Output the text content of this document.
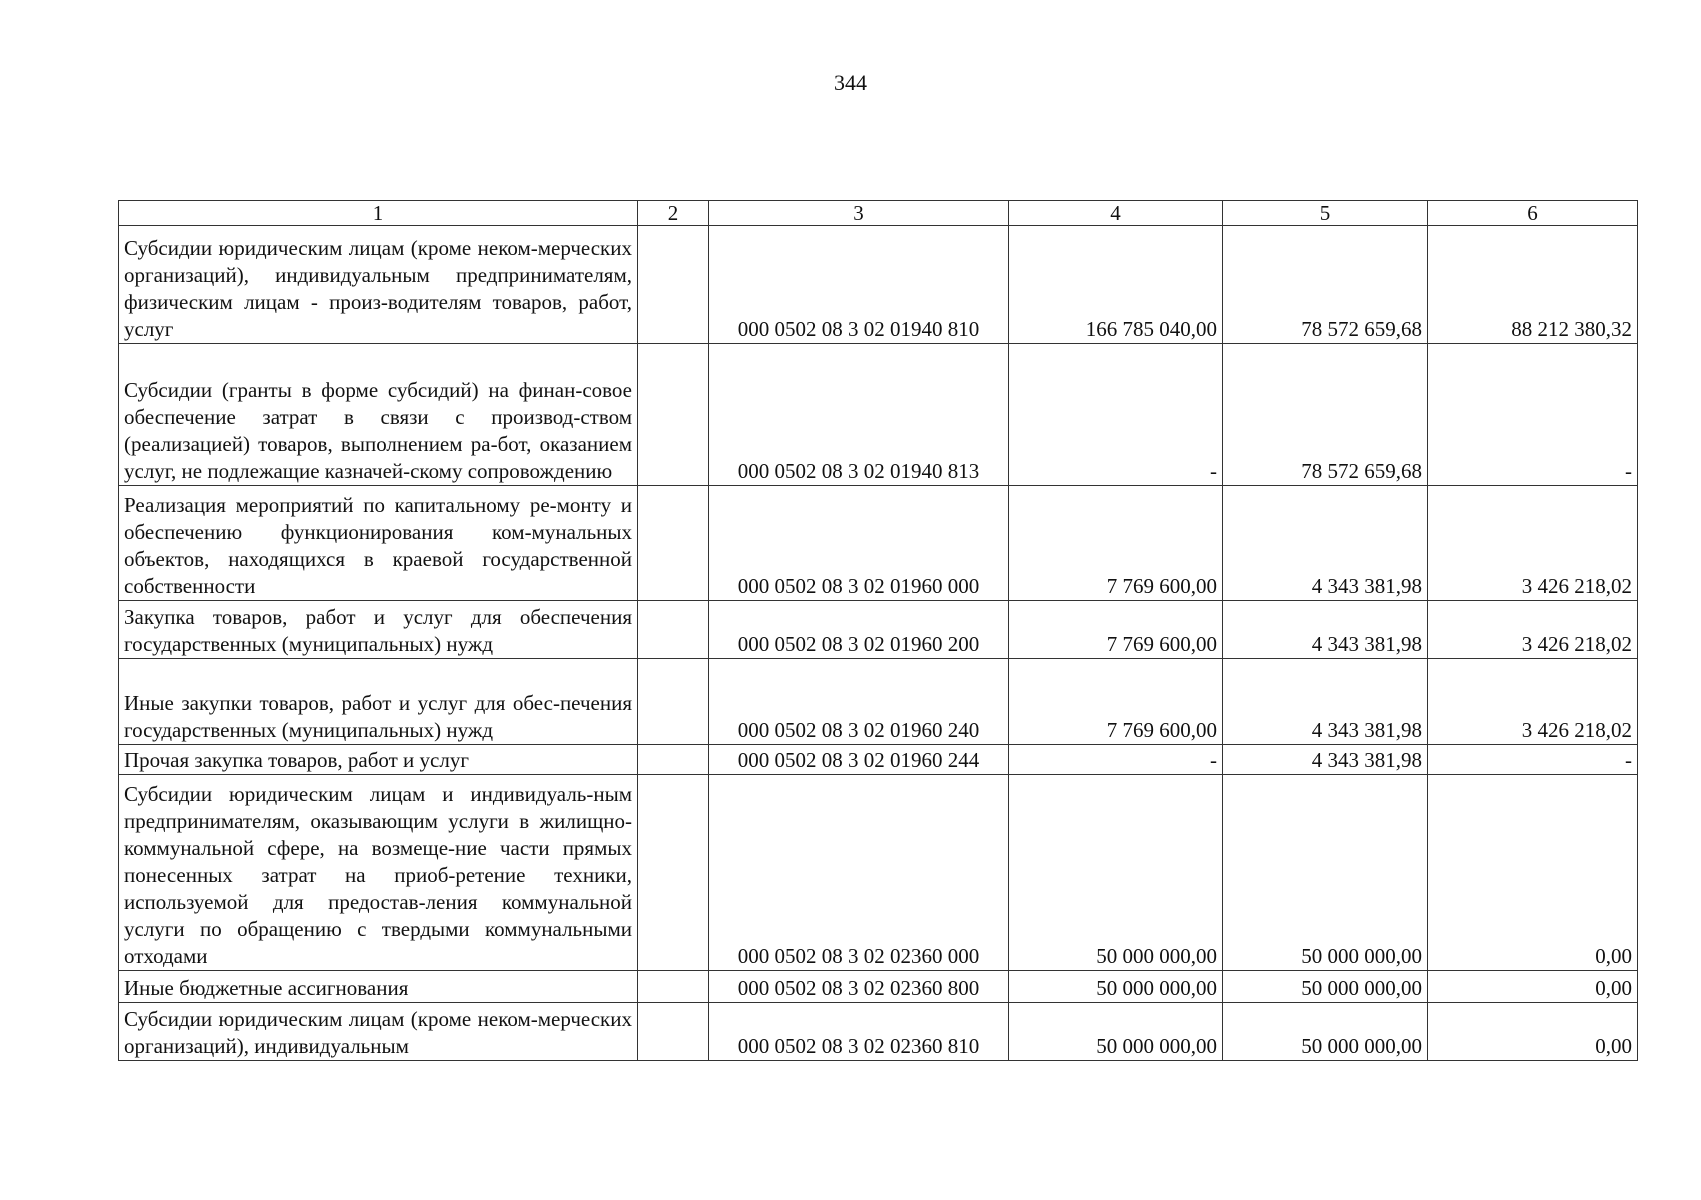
344
1	2	3	4	5	6
Субсидии юридическим лицам (кроме неком-мерческих организаций), индивидуальным предпринимателям, физическим лицам - произ-водителям товаров, работ, услуг		000 0502 08 3 02 01940 810	166 785 040,00	78 572 659,68	88 212 380,32
Субсидии (гранты в форме субсидий) на финан-совое обеспечение затрат в связи с производ-ством (реализацией) товаров, выполнением ра-бот, оказанием услуг, не подлежащие казначей-скому сопровождению		000 0502 08 3 02 01940 813	-	78 572 659,68	-
Реализация мероприятий по капитальному ре-монту и обеспечению функционирования ком-мунальных объектов, находящихся в краевой государственной собственности		000 0502 08 3 02 01960 000	7 769 600,00	4 343 381,98	3 426 218,02
Закупка товаров, работ и услуг для обеспечения государственных (муниципальных) нужд		000 0502 08 3 02 01960 200	7 769 600,00	4 343 381,98	3 426 218,02
Иные закупки товаров, работ и услуг для обес-печения государственных (муниципальных) нужд		000 0502 08 3 02 01960 240	7 769 600,00	4 343 381,98	3 426 218,02
Прочая закупка товаров, работ и услуг		000 0502 08 3 02 01960 244	-	4 343 381,98	-
Субсидии юридическим лицам и индивидуаль-ным предпринимателям, оказывающим услуги в жилищно-коммунальной сфере, на возмеще-ние части прямых понесенных затрат на приоб-ретение техники, используемой для предостав-ления коммунальной услуги по обращению с твердыми коммунальными отходами		000 0502 08 3 02 02360 000	50 000 000,00	50 000 000,00	0,00
Иные бюджетные ассигнования		000 0502 08 3 02 02360 800	50 000 000,00	50 000 000,00	0,00
Субсидии юридическим лицам (кроме неком-мерческих организаций), индивидуальным		000 0502 08 3 02 02360 810	50 000 000,00	50 000 000,00	0,00
